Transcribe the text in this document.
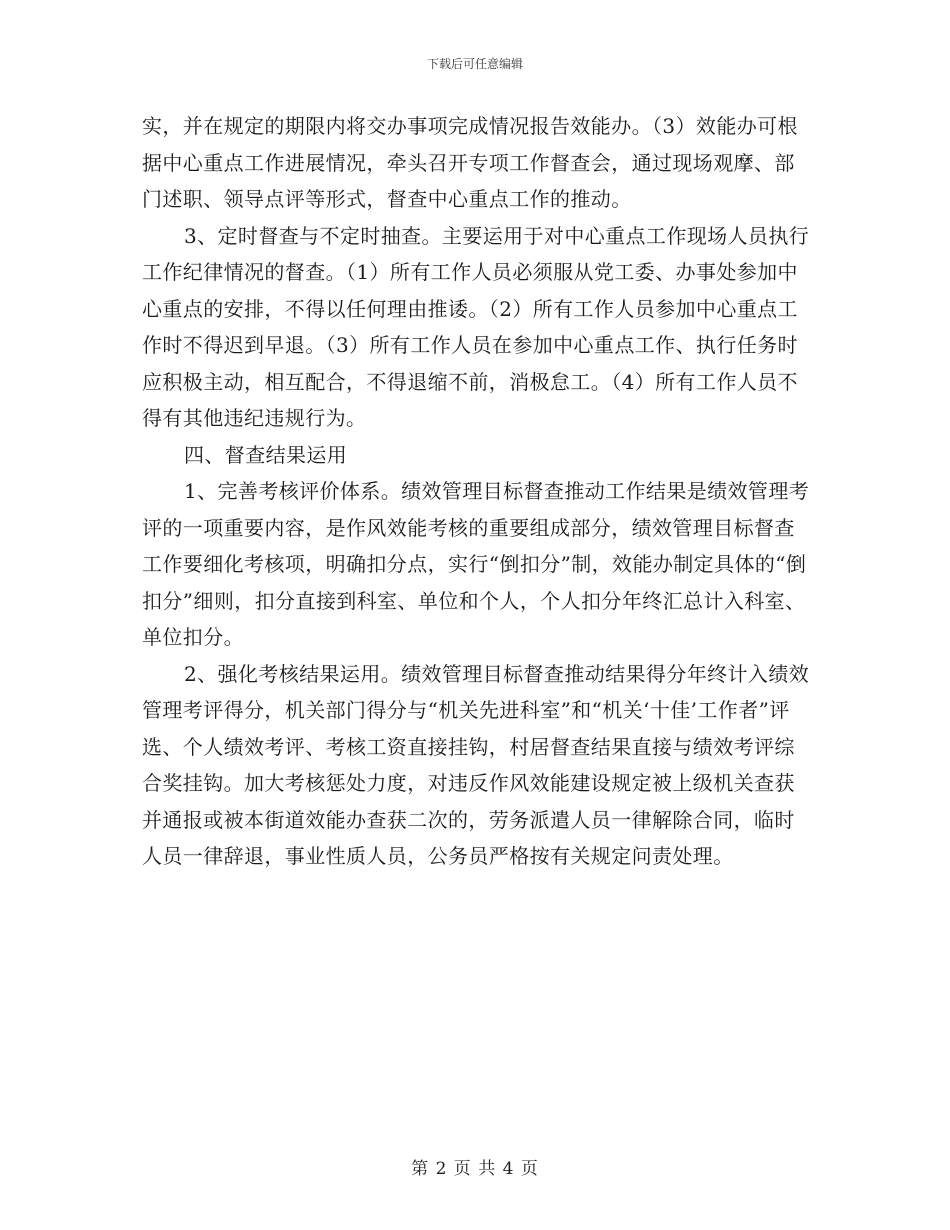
下载后可任意编辑

实，并在规定的期限内将交办事项完成情况报告效能办。（3）效能办可根据中心重点工作进展情况，牵头召开专项工作督查会，通过现场观摩、部门述职、领导点评等形式，督查中心重点工作的推动。

3、定时督查与不定时抽查。主要运用于对中心重点工作现场人员执行工作纪律情况的督查。（1）所有工作人员必须服从党工委、办事处参加中心重点的安排，不得以任何理由推诿。（2）所有工作人员参加中心重点工作时不得迟到早退。（3）所有工作人员在参加中心重点工作、执行任务时应积极主动，相互配合，不得退缩不前，消极怠工。（4）所有工作人员不得有其他违纪违规行为。

四、督查结果运用

1、完善考核评价体系。绩效管理目标督查推动工作结果是绩效管理考评的一项重要内容，是作风效能考核的重要组成部分，绩效管理目标督查工作要细化考核项，明确扣分点，实行“倒扣分”制，效能办制定具体的“倒扣分”细则，扣分直接到科室、单位和个人，个人扣分年终汇总计入科室、单位扣分。

2、强化考核结果运用。绩效管理目标督查推动结果得分年终计入绩效管理考评得分，机关部门得分与“机关先进科室”和“机关‘十佳’工作者”评选、个人绩效考评、考核工资直接挂钩，村居督查结果直接与绩效考评综合奖挂钩。加大考核惩处力度，对违反作风效能建设规定被上级机关查获并通报或被本街道效能办查获二次的，劳务派遣人员一律解除合同，临时人员一律辞退，事业性质人员，公务员严格按有关规定问责处理。

第 2 页 共 4 页
